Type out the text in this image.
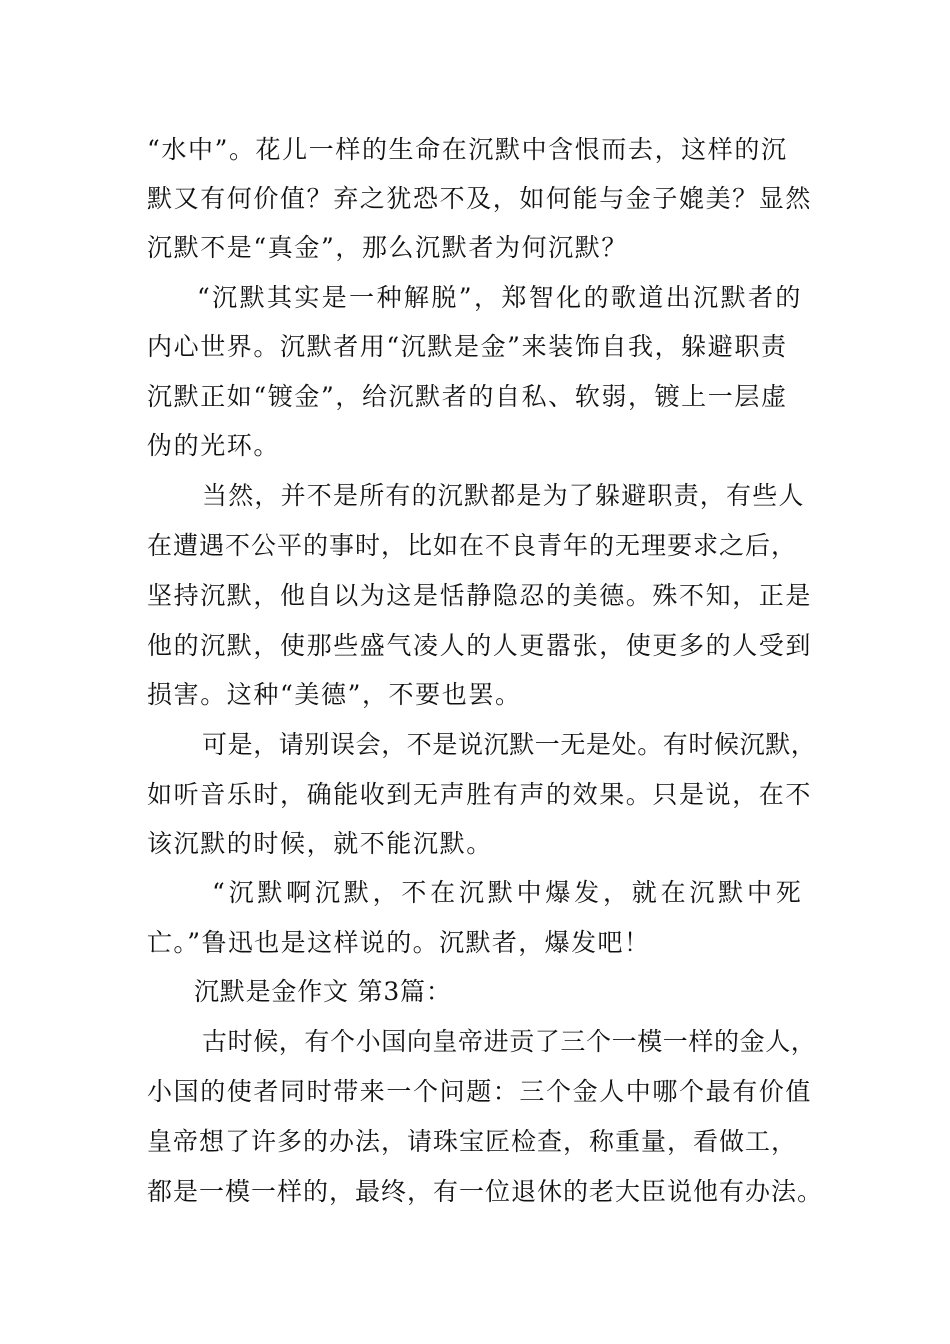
“水中”。花儿一样的生命在沉默中含恨而去，这样的沉
默又有何价值？弃之犹恐不及，如何能与金子媲美？显然
沉默不是“真金”，那么沉默者为何沉默？
“沉默其实是一种解脱”，郑智化的歌道出沉默者的
内心世界。沉默者用“沉默是金”来装饰自我，躲避职责
沉默正如“镀金”，给沉默者的自私、软弱，镀上一层虚
伪的光环。
当然，并不是所有的沉默都是为了躲避职责，有些人
在遭遇不公平的事时，比如在不良青年的无理要求之后，
坚持沉默，他自以为这是恬静隐忍的美德。殊不知，正是
他的沉默，使那些盛气凌人的人更嚣张，使更多的人受到
损害。这种“美德”，不要也罢。
可是，请别误会，不是说沉默一无是处。有时候沉默，
如听音乐时，确能收到无声胜有声的效果。只是说，在不
该沉默的时候，就不能沉默。
“沉默啊沉默，不在沉默中爆发，就在沉默中死
亡。”鲁迅也是这样说的。沉默者，爆发吧！
沉默是金作文 第3篇：
古时候，有个小国向皇帝进贡了三个一模一样的金人，
小国的使者同时带来一个问题：三个金人中哪个最有价值
皇帝想了许多的办法，请珠宝匠检查，称重量，看做工，
都是一模一样的，最终，有一位退休的老大臣说他有办法。
